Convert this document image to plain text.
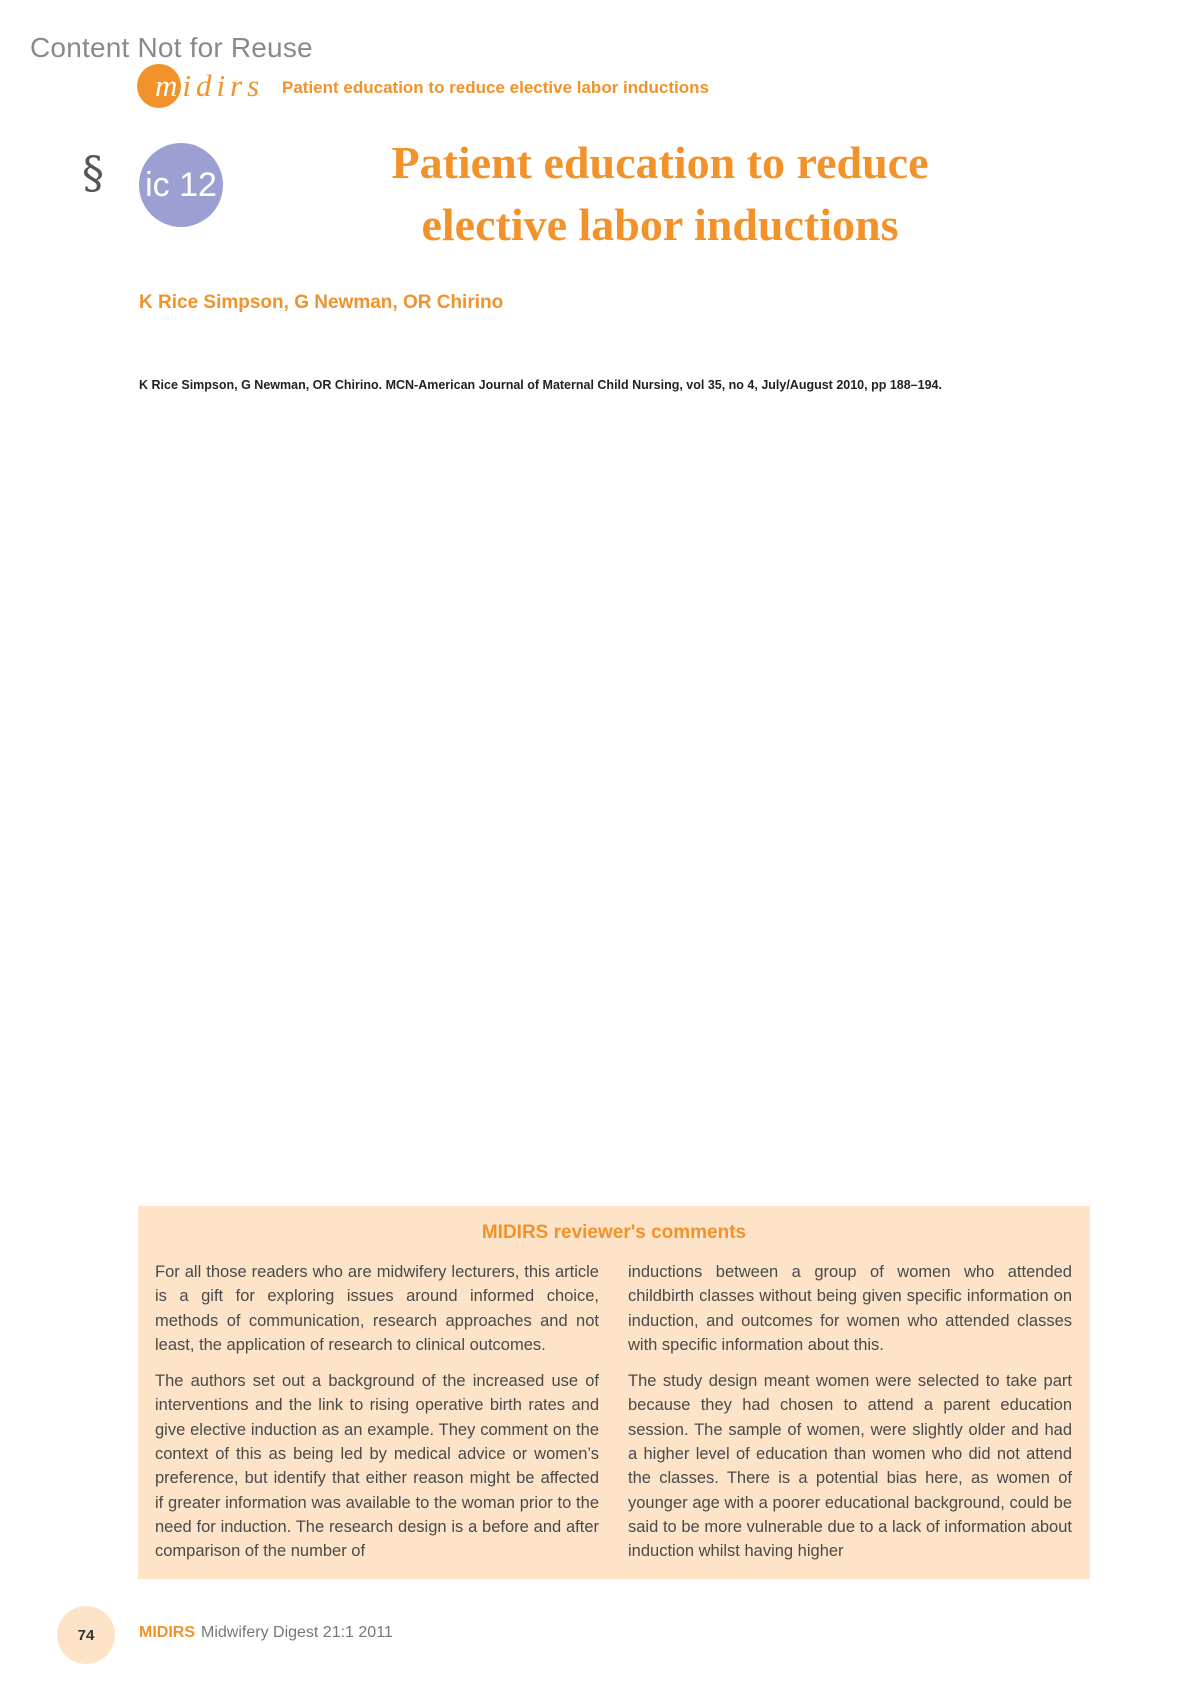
Content Not for Reuse
midirs Patient education to reduce elective labor inductions
§ ic 12	Patient education to reduce
elective labor inductions
K Rice Simpson, G Newman, OR Chirino
K Rice Simpson, G Newman, OR Chirino. MCN-American Journal of Maternal Child Nursing, vol 35, no 4, July/August 2010, pp 188–194.
MIDIRS reviewer's comments

For all those readers who are midwifery lecturers, this article is a gift for exploring issues around informed choice, methods of communication, research approaches and not least, the application of research to clinical outcomes.

The authors set out a background of the increased use of interventions and the link to rising operative birth rates and give elective induction as an example. They comment on the context of this as being led by medical advice or women’s preference, but identify that either reason might be affected if greater information was available to the woman prior to the need for induction. The research design is a before and after comparison of the number of

inductions between a group of women who attended childbirth classes without being given specific information on induction, and outcomes for women who attended classes with specific information about this.

The study design meant women were selected to take part because they had chosen to attend a parent education session. The sample of women, were slightly older and had a higher level of education than women who did not attend the classes. There is a potential bias here, as women of younger age with a poorer educational background, could be said to be more vulnerable due to a lack of information about induction whilst having higher

74	MIDIRS Midwifery Digest 21:1 2011
